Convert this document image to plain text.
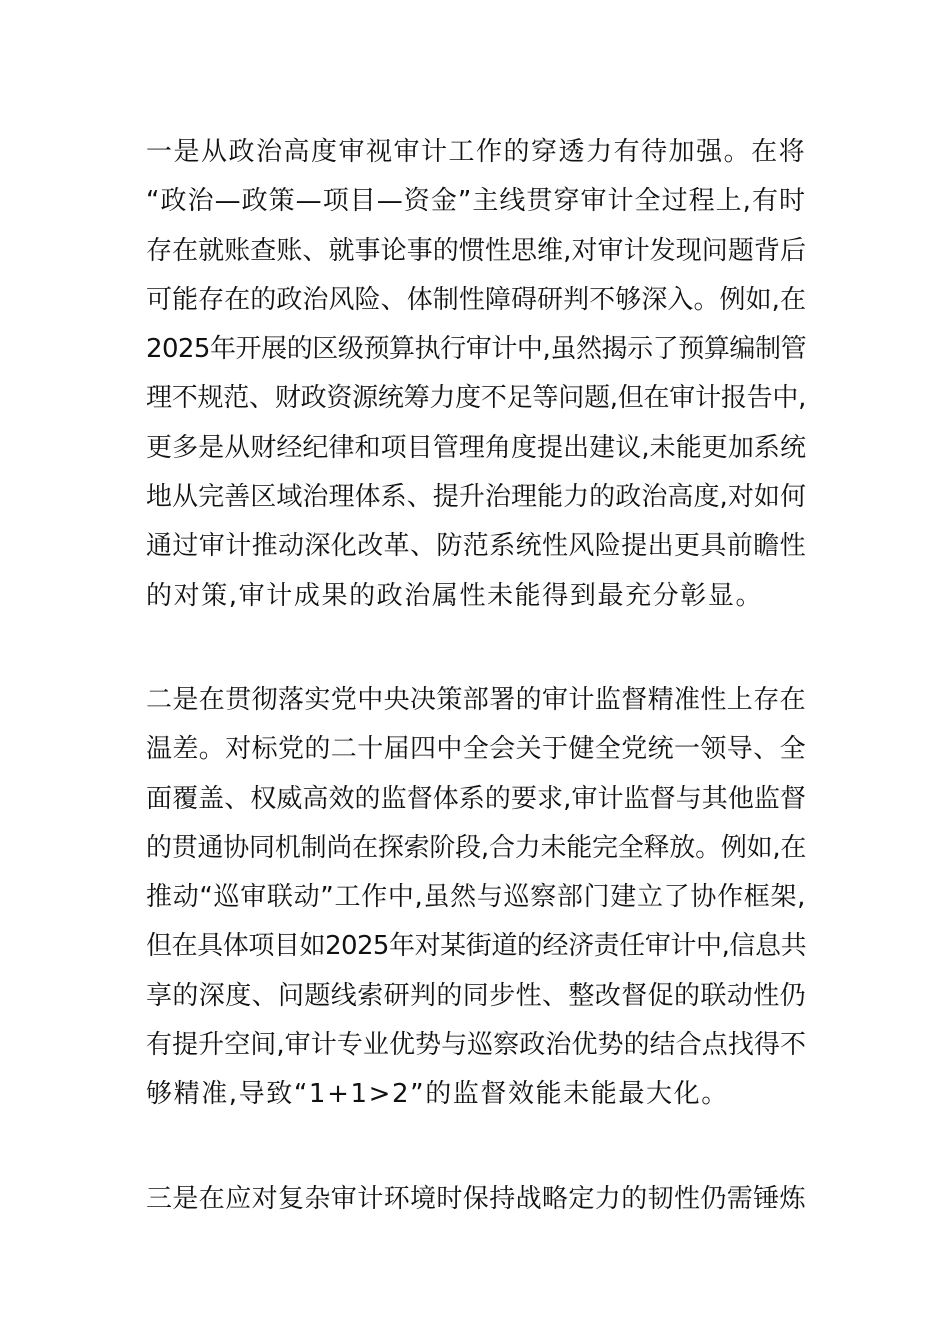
一是从政治高度审视审计工作的穿透力有待加强。在将
“政治—政策—项目—资金”主线贯穿审计全过程上,有时
存在就账查账、就事论事的惯性思维,对审计发现问题背后
可能存在的政治风险、体制性障碍研判不够深入。例如,在
2025年开展的区级预算执行审计中,虽然揭示了预算编制管
理不规范、财政资源统筹力度不足等问题,但在审计报告中,
更多是从财经纪律和项目管理角度提出建议,未能更加系统
地从完善区域治理体系、提升治理能力的政治高度,对如何
通过审计推动深化改革、防范系统性风险提出更具前瞻性
的对策,审计成果的政治属性未能得到最充分彰显。
二是在贯彻落实党中央决策部署的审计监督精准性上存在
温差。对标党的二十届四中全会关于健全党统一领导、全
面覆盖、权威高效的监督体系的要求,审计监督与其他监督
的贯通协同机制尚在探索阶段,合力未能完全释放。例如,在
推动“巡审联动”工作中,虽然与巡察部门建立了协作框架,
但在具体项目如2025年对某街道的经济责任审计中,信息共
享的深度、问题线索研判的同步性、整改督促的联动性仍
有提升空间,审计专业优势与巡察政治优势的结合点找得不
够精准,导致“1+1>2”的监督效能未能最大化。
三是在应对复杂审计环境时保持战略定力的韧性仍需锤炼
